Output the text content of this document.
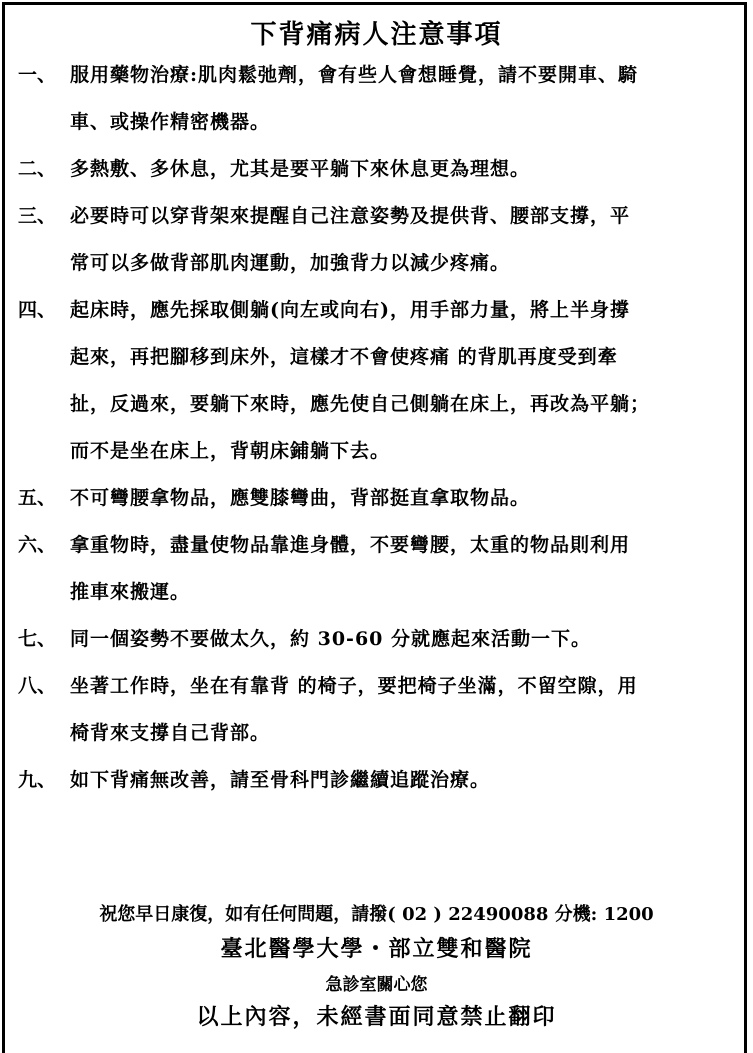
下背痛病人注意事項
一、 服用藥物治療:肌肉鬆弛劑，會有些人會想睡覺，請不要開車、騎
車、或操作精密機器。
二、 多熱敷、多休息，尤其是要平躺下來休息更為理想。
三、 必要時可以穿背架來提醒自己注意姿勢及提供背、腰部支撐，平
常可以多做背部肌肉運動，加強背力以減少疼痛。
四、 起床時，應先採取側躺(向左或向右)，用手部力量，將上半身撐
起來，再把腳移到床外，這樣才不會使疼痛 的背肌再度受到牽
扯，反過來，要躺下來時，應先使自己側躺在床上，再改為平躺；
而不是坐在床上，背朝床鋪躺下去。
五、 不可彎腰拿物品，應雙膝彎曲，背部挺直拿取物品。
六、 拿重物時，盡量使物品靠進身體，不要彎腰，太重的物品則利用
推車來搬運。
七、 同一個姿勢不要做太久，約 30-60 分就應起來活動一下。
八、 坐著工作時，坐在有靠背 的椅子，要把椅子坐滿，不留空隙，用
椅背來支撐自己背部。
九、 如下背痛無改善，請至骨科門診繼續追蹤治療。
祝您早日康復，如有任何問題，請撥( 02 ) 22490088 分機: 1200
臺北醫學大學・部立雙和醫院
急診室關心您
以上內容，未經書面同意禁止翻印
